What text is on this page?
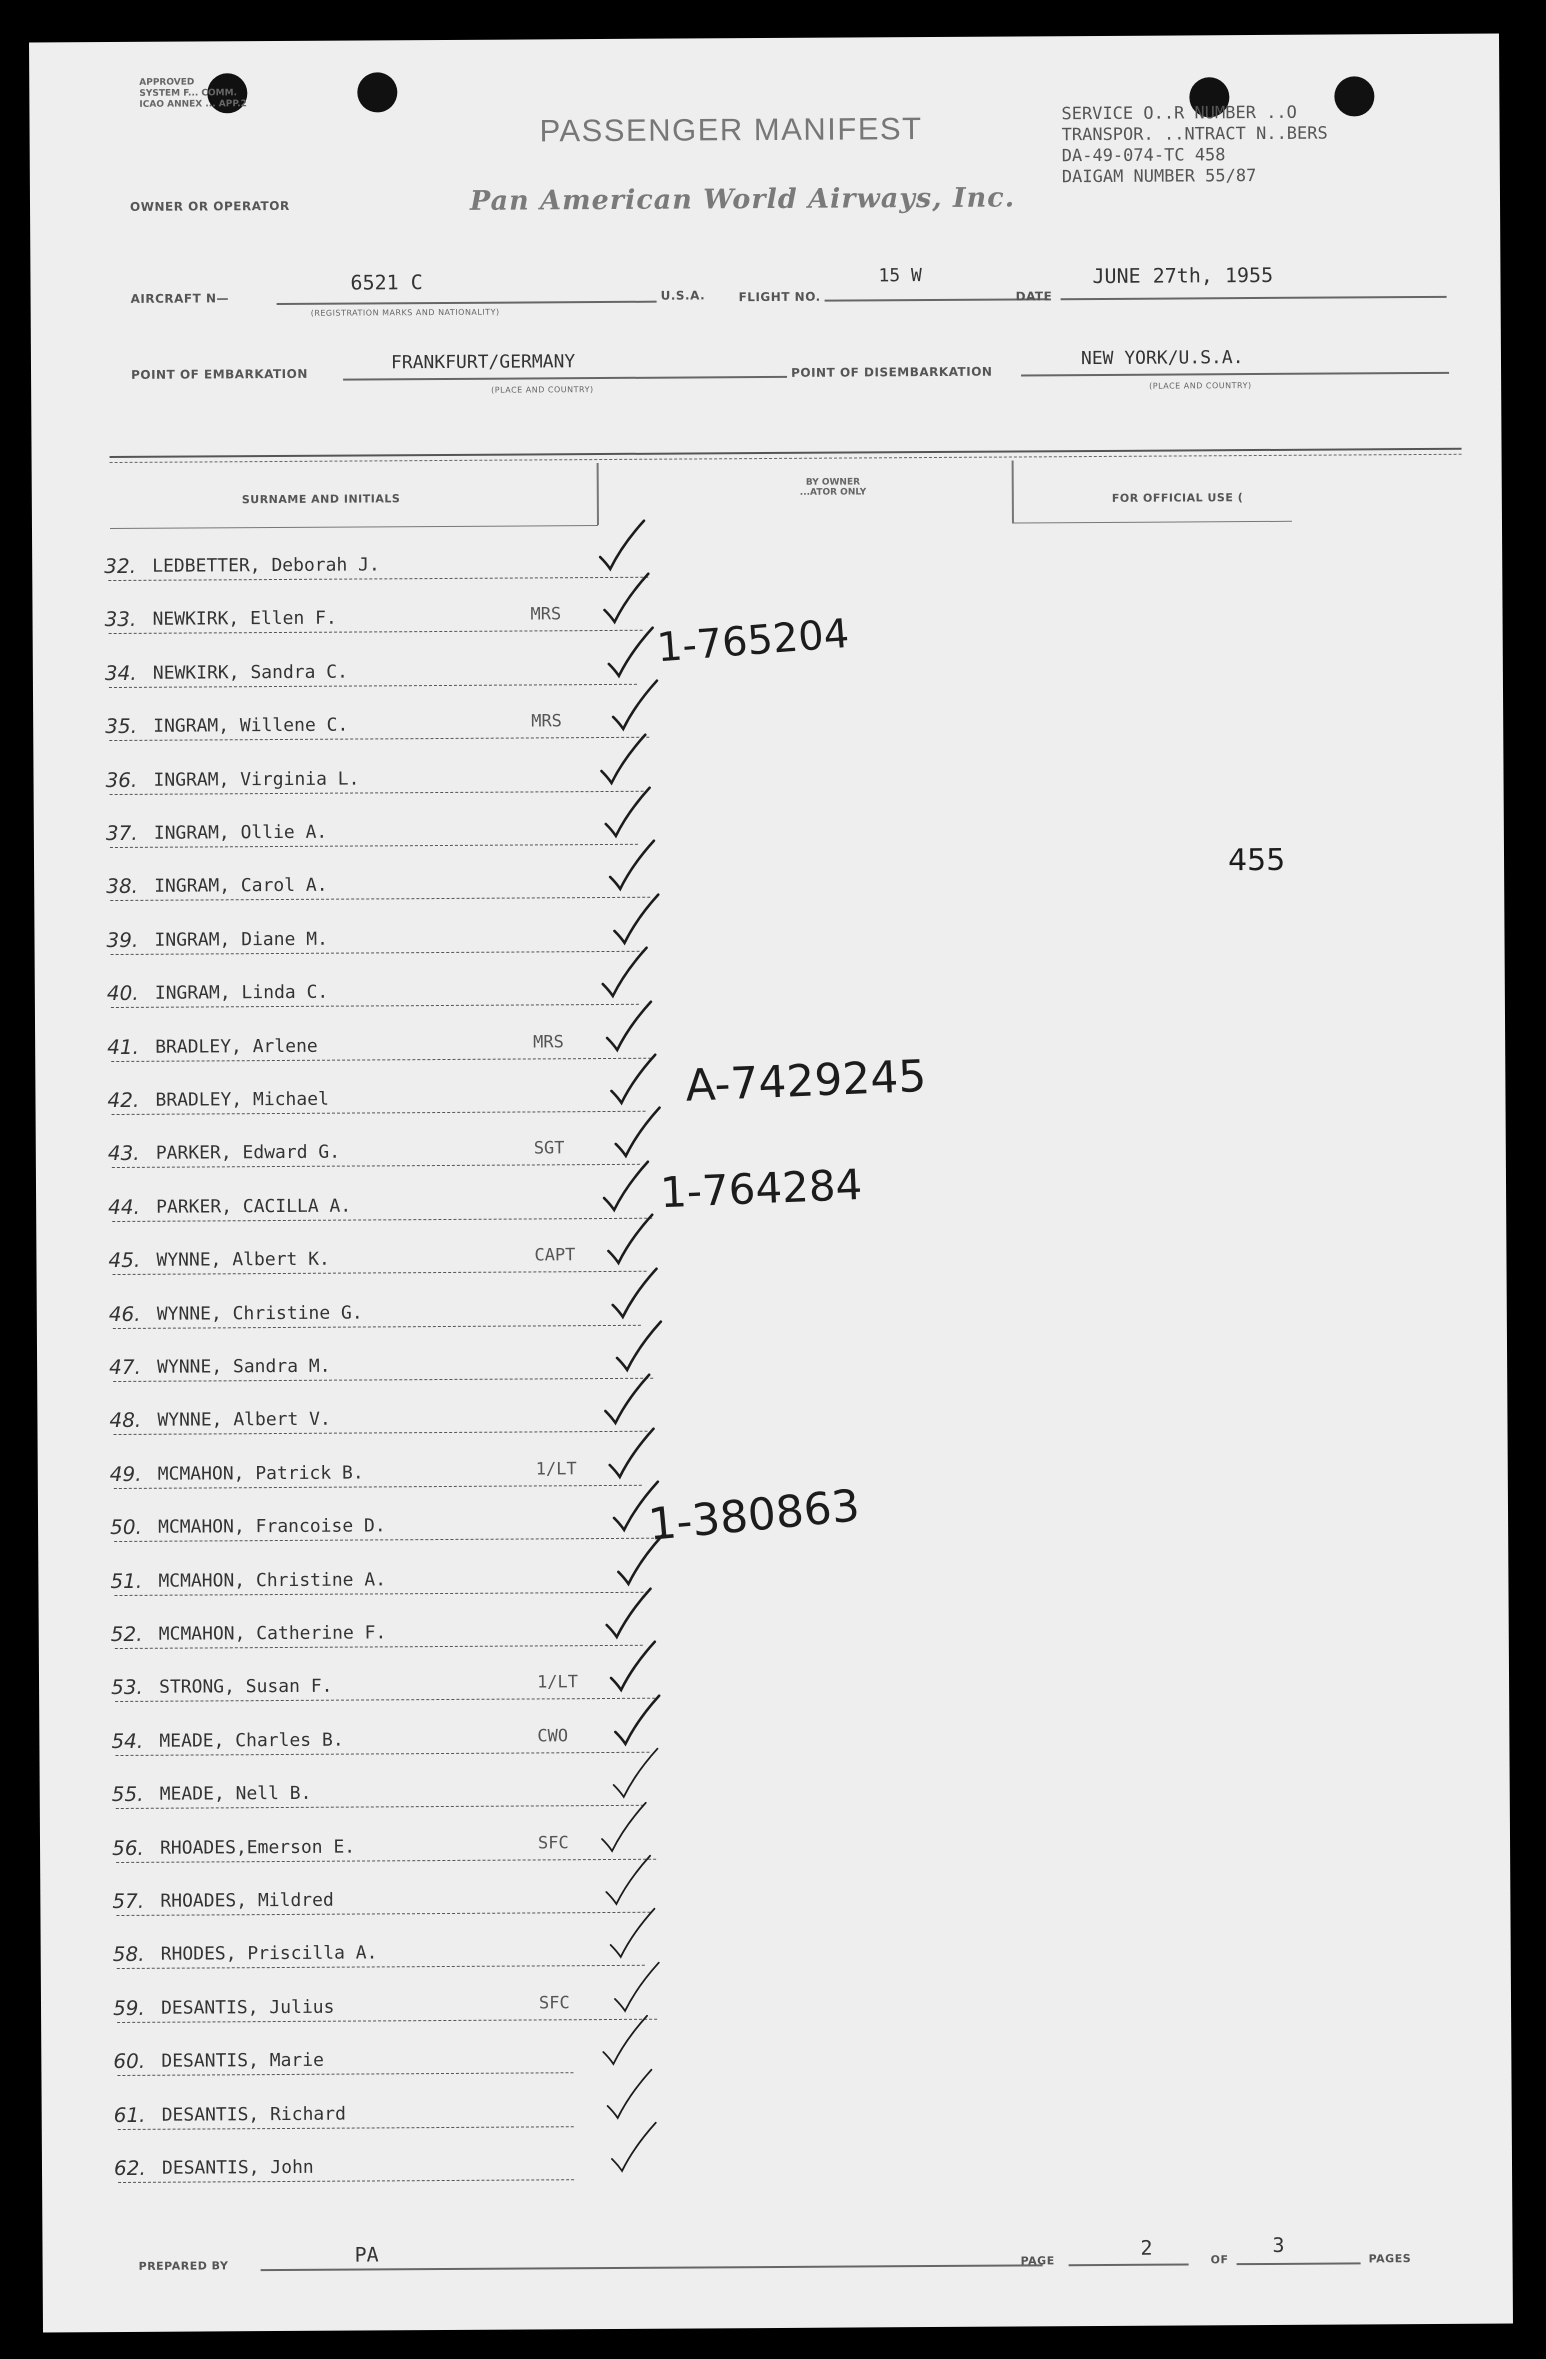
APPROVED
SYSTEM F... COMM.
ICAO ANNEX ... APP.2
PASSENGER MANIFEST	SERVICE O..R NUMBER ..O
TRANSPOR. ..NTRACT N..BERS
DA-49-074-TC 458
DAIGAM NUMBER 55/87
OWNER OR OPERATOR	Pan American World Airways, Inc.
AIRCRAFT N—
6521 C
(REGISTRATION MARKS AND NATIONALITY)
U.S.A.	FLIGHT NO.
15 W
DATE
JUNE 27th, 1955
POINT OF EMBARKATION
FRANKFURT/GERMANY
(PLACE AND COUNTRY)
POINT OF DISEMBARKATION
NEW YORK/U.S.A.
(PLACE AND COUNTRY)
SURNAME AND INITIALS
BY OWNER
...ATOR ONLY	FOR OFFICIAL USE (
32. LEDBETTER, Deborah J.
33. NEWKIRK, Ellen F.	MRS
34. NEWKIRK, Sandra C.
35. INGRAM, Willene C.	MRS
36. INGRAM, Virginia L.
37. INGRAM, Ollie A.
38. INGRAM, Carol A.
39. INGRAM, Diane M.
40. INGRAM, Linda C.
41. BRADLEY, Arlene	MRS
42. BRADLEY, Michael
43. PARKER, Edward G.	SGT
44. PARKER, CACILLA A.
45. WYNNE, Albert K.	CAPT
46. WYNNE, Christine G.
47. WYNNE, Sandra M.
48. WYNNE, Albert V.
49. MCMAHON, Patrick B.	1/LT
50. MCMAHON, Francoise D.
51. MCMAHON, Christine A.
52. MCMAHON, Catherine F.
53. STRONG, Susan F.	1/LT
54. MEADE, Charles B.	CWO
55. MEADE, Nell B.
56. RHOADES,Emerson E.	SFC
57. RHOADES, Mildred
58. RHODES, Priscilla A.
59. DESANTIS, Julius	SFC
60. DESANTIS, Marie
61. DESANTIS, Richard
62. DESANTIS, John
1-765204
455
A-7429245
1-764284
1-380863
PREPARED BY	PA	PAGE
2
OF
3
PAGES
